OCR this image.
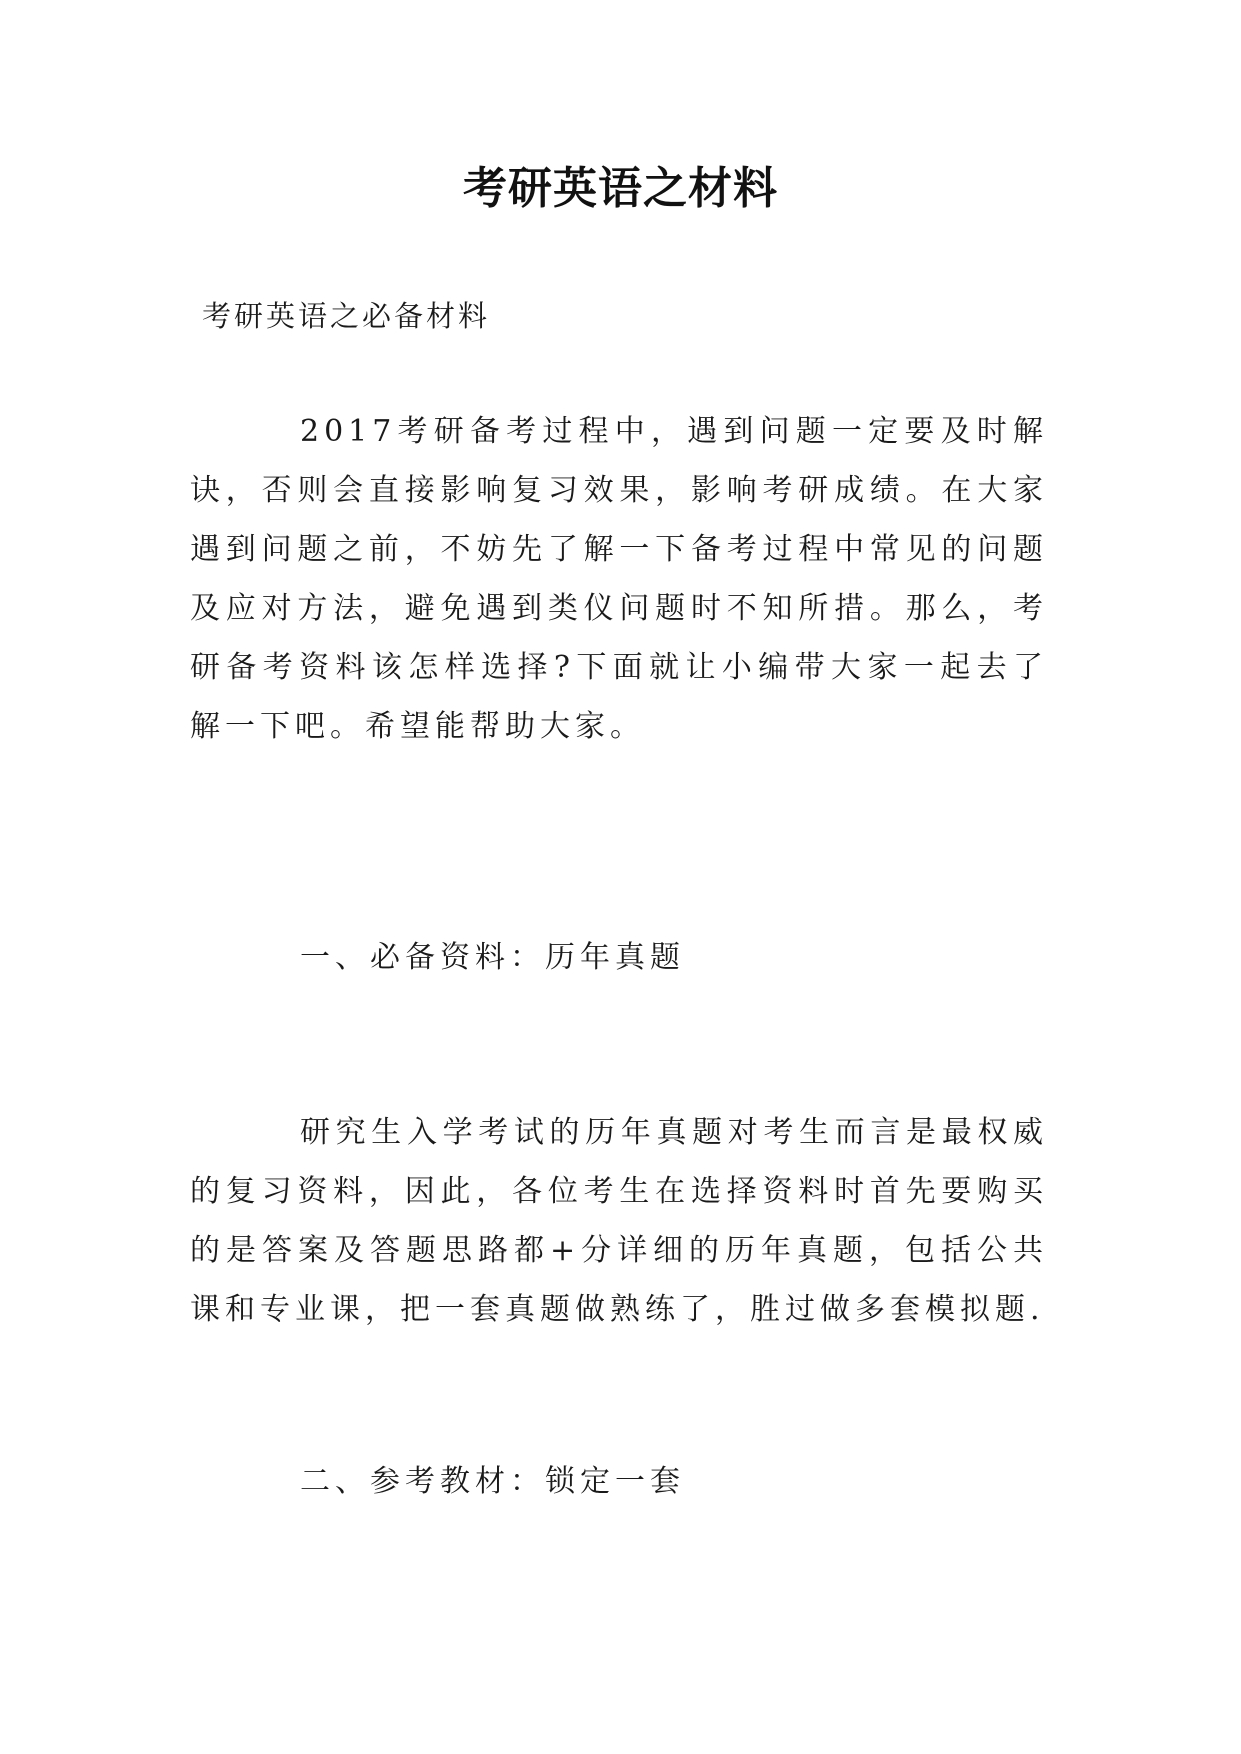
考研英语之材料
考研英语之必备材料

2017考研备考过程中，遇到问题一定要及时解诀，否则会直接影响复习效果，影响考研成绩。在大家遇到问题之前，不妨先了解一下备考过程中常见的问题及应对方法，避免遇到类仪问题时不知所措。那么，考研备考资料该怎样选择?下面就让小编带大家一起去了解一下吧。希望能帮助大家。

一、必备资料：历年真题

研究生入学考试的历年真题对考生而言是最权威的复习资料，因此，各位考生在选择资料时首先要购买的是答案及答题思路都+分详细的历年真题，包括公共课和专业课，把一套真题做熟练了，胜过做多套模拟题.

二、参考教材：锁定一套
